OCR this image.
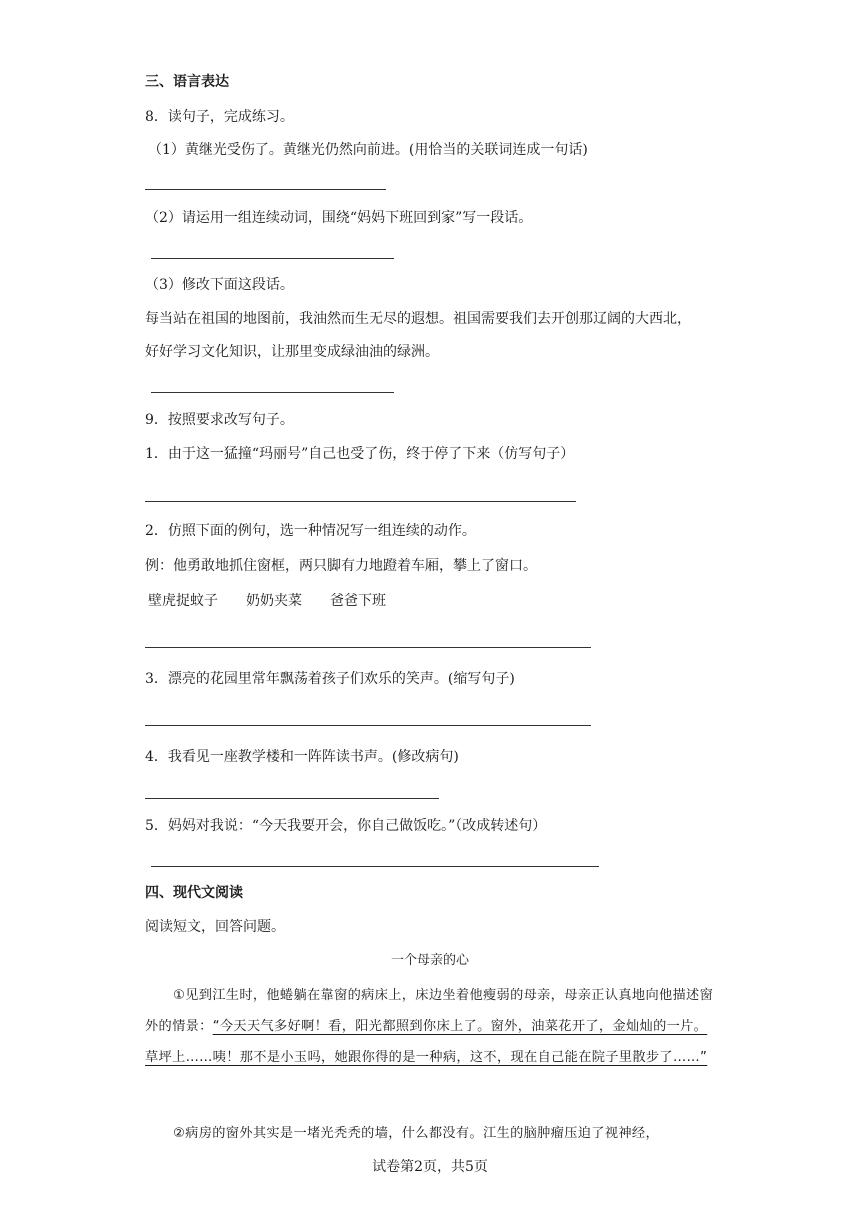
三、语言表达
8．读句子，完成练习。
（1）黄继光受伤了。黄继光仍然向前进。(用恰当的关联词连成一句话)
（2）请运用一组连续动词，围绕“妈妈下班回到家”写一段话。
（3）修改下面这段话。
每当站在祖国的地图前，我油然而生无尽的遐想。祖国需要我们去开创那辽阔的大西北，
好好学习文化知识，让那里变成绿油油的绿洲。
9．按照要求改写句子。
1．由于这一猛撞“玛丽号”自己也受了伤，终于停了下来（仿写句子）
2．仿照下面的例句，选一种情况写一组连续的动作。
例：他勇敢地抓住窗框，两只脚有力地蹬着车厢，攀上了窗口。
壁虎捉蚊子　　奶奶夹菜　　爸爸下班
3．漂亮的花园里常年飘荡着孩子们欢乐的笑声。(缩写句子)
4．我看见一座教学楼和一阵阵读书声。(修改病句)
5．妈妈对我说：“今天我要开会，你自己做饭吃。”（改成转述句）
四、现代文阅读
阅读短文，回答问题。
一个母亲的心
①见到江生时，他蜷躺在靠窗的病床上，床边坐着他瘦弱的母亲，母亲正认真地向他描述窗外的情景：“今天天气多好啊！看，阳光都照到你床上了。窗外，油菜花开了，金灿灿的一片。草坪上……咦！那不是小玉吗，她跟你得的是一种病，这不，现在自己能在院子里散步了……”
②病房的窗外其实是一堵光秃秃的墙，什么都没有。江生的脑肿瘤压迫了视神经，
试卷第2页，共5页
